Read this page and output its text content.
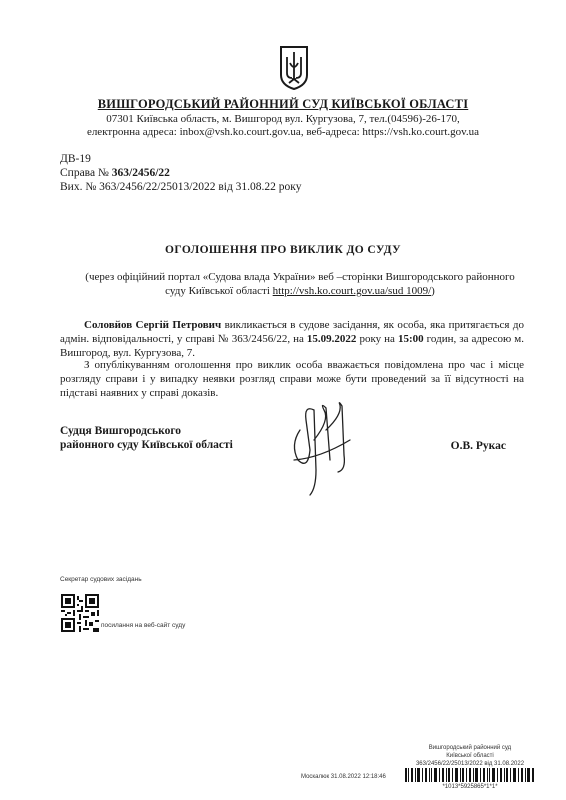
ВИШГОРОДСЬКИЙ РАЙОННИЙ СУД КИЇВСЬКОЇ ОБЛАСТІ
07301 Київська область, м. Вишгород вул. Кургузова, 7, тел.(04596)-26-170,
електронна адреса: inbox@vsh.ko.court.gov.ua, веб-адреса: https://vsh.ko.court.gov.ua
ДВ-19
Справа № 363/2456/22
Вих. № 363/2456/22/25013/2022 від 31.08.22 року
ОГОЛОШЕННЯ ПРО ВИКЛИК ДО СУДУ
(через офіційний портал «Судова влада України» веб –сторінки Вишгородського районного
суду Київської області http://vsh.ko.court.gov.ua/sud 1009/)
Соловйов Сергій Петрович викликається в судове засідання, як особа, яка притягається до адмін. відповідальності, у справі № 363/2456/22, на 15.09.2022 року на 15:00 годин, за адресою м. Вишгород, вул. Кургузова, 7.
З опублікуванням оголошення про виклик особа вважається повідомлена про час і місце розгляду справи і у випадку неявки розгляд справи може бути проведений за її відсутності на підставі наявних у справі доказів.
Судця Вишгородського
районного суду Київської області	О.В. Рукас
Секретар судових засідань
посилання на веб-сайт суду
Вишгородський районний суд
Київської області
363/2456/22/25013/2022 від 31.08.2022
Москалюк 31.08.2022 12:18:46
*1013*5925865*1*1*
